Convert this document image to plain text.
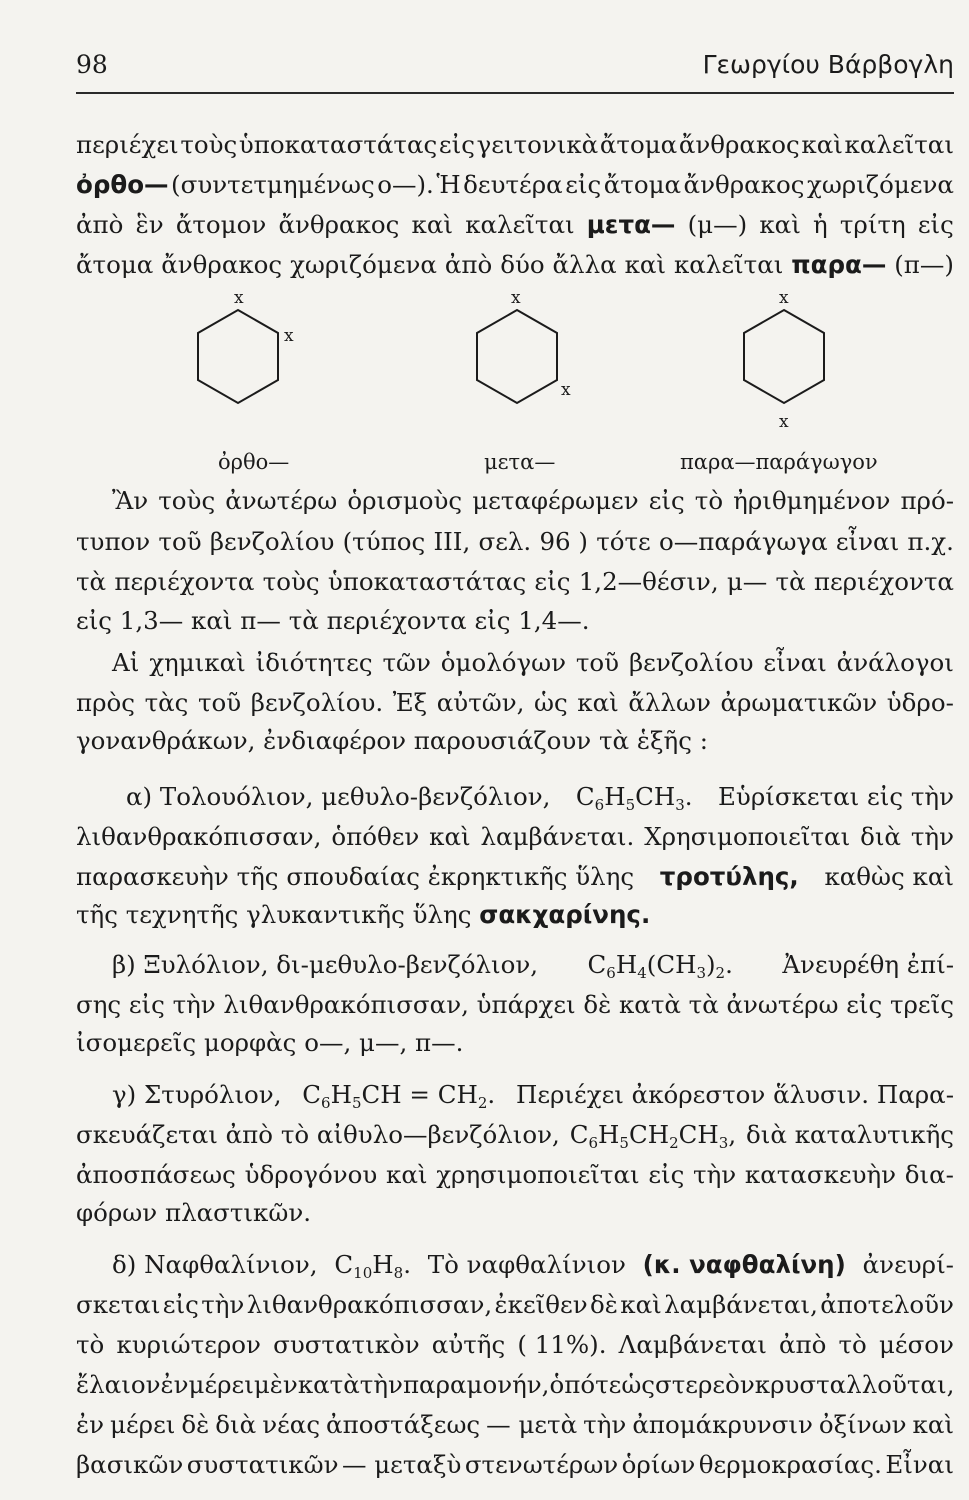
98	Γεωργίου Βάρβογλη
περιέχει τοὺς ὑποκαταστάτας εἰς γειτονικὰ ἄτομα ἄνθρακος καὶ καλεῖται
ὀρθο— (συντετμημένως ο—). Ἡ δευτέρα εἰς ἄτομα ἄνθρακος χωριζόμενα
ἀπὸ ἓν ἄτομον ἄνθρακος καὶ καλεῖται μετα— (μ—) καὶ ἡ τρίτη εἰς
ἄτομα ἄνθρακος χωριζόμενα ἀπὸ δύο ἄλλα καὶ καλεῖται παρα— (π—)
x
x
x
x
x
x
ὀρθο—	μετα—	παρα—παράγωγον
Ἂν τοὺς ἀνωτέρω ὁρισμοὺς μεταφέρωμεν εἰς τὸ ἠριθμημένον πρό-
τυπον τοῦ βενζολίου (τύπος ΙΙΙ, σελ. 96 ) τότε ο—παράγωγα εἶναι π.χ.
τὰ περιέχοντα τοὺς ὑποκαταστάτας εἰς 1,2—θέσιν, μ— τὰ περιέχοντα
εἰς 1,3— καὶ π— τὰ περιέχοντα εἰς 1,4—.
Αἱ χημικαὶ ἰδιότητες τῶν ὁμολόγων τοῦ βενζολίου εἶναι ἀνάλογοι
πρὸς τὰς τοῦ βενζολίου. Ἐξ αὐτῶν, ὡς καὶ ἄλλων ἀρωματικῶν ὑδρο-
γονανθράκων, ἐνδιαφέρον παρουσιάζουν τὰ ἑξῆς :
α) Τολουόλιον, μεθυλο-βενζόλιον, $C_6H_5CH_3$. Εὑρίσκεται εἰς τὴν
λιθανθρακόπισσαν, ὁπόθεν καὶ λαμβάνεται. Χρησιμοποιεῖται διὰ τὴν
παρασκευὴν τῆς σπουδαίας ἐκρηκτικῆς ὕλης τροτύλης, καθὼς καὶ
τῆς τεχνητῆς γλυκαντικῆς ὕλης σακχαρίνης.
β) Ξυλόλιον, δι-μεθυλο-βενζόλιον, $C_6H_4(CH_3)_2$. Ἀνευρέθη ἐπί-
σης εἰς τὴν λιθανθρακόπισσαν, ὑπάρχει δὲ κατὰ τὰ ἀνωτέρω εἰς τρεῖς
ἰσομερεῖς μορφὰς ο—, μ—, π—.
γ) Στυρόλιον, $C_6H_5CH = CH_2$. Περιέχει ἀκόρεστον ἅλυσιν. Παρα-
σκευάζεται ἀπὸ τὸ αἰθυλο—βενζόλιον, $C_6H_5CH_2CH_3$, διὰ καταλυτικῆς
ἀποσπάσεως ὑδρογόνου καὶ χρησιμοποιεῖται εἰς τὴν κατασκευὴν δια-
φόρων πλαστικῶν.
δ) Ναφθαλίνιον, $C_{10}H_8$. Τὸ ναφθαλίνιον (κ. ναφθαλίνη) ἀνευρί-
σκεται εἰς τὴν λιθανθρακόπισσαν, ἐκεῖθεν δὲ καὶ λαμβάνεται, ἀποτελοῦν
τὸ κυριώτερον συστατικὸν αὐτῆς ( 11%). Λαμβάνεται ἀπὸ τὸ μέσον
ἔλαιον ἐν μέρει μὲν κατὰ τὴν παραμονήν, ὁπότε ὡς στερεὸν κρυσταλλοῦται,
ἐν μέρει δὲ διὰ νέας ἀποστάξεως — μετὰ τὴν ἀπομάκρυνσιν ὀξίνων καὶ
βασικῶν συστατικῶν — μεταξὺ στενωτέρων ὁρίων θερμοκρασίας. Εἶναι
